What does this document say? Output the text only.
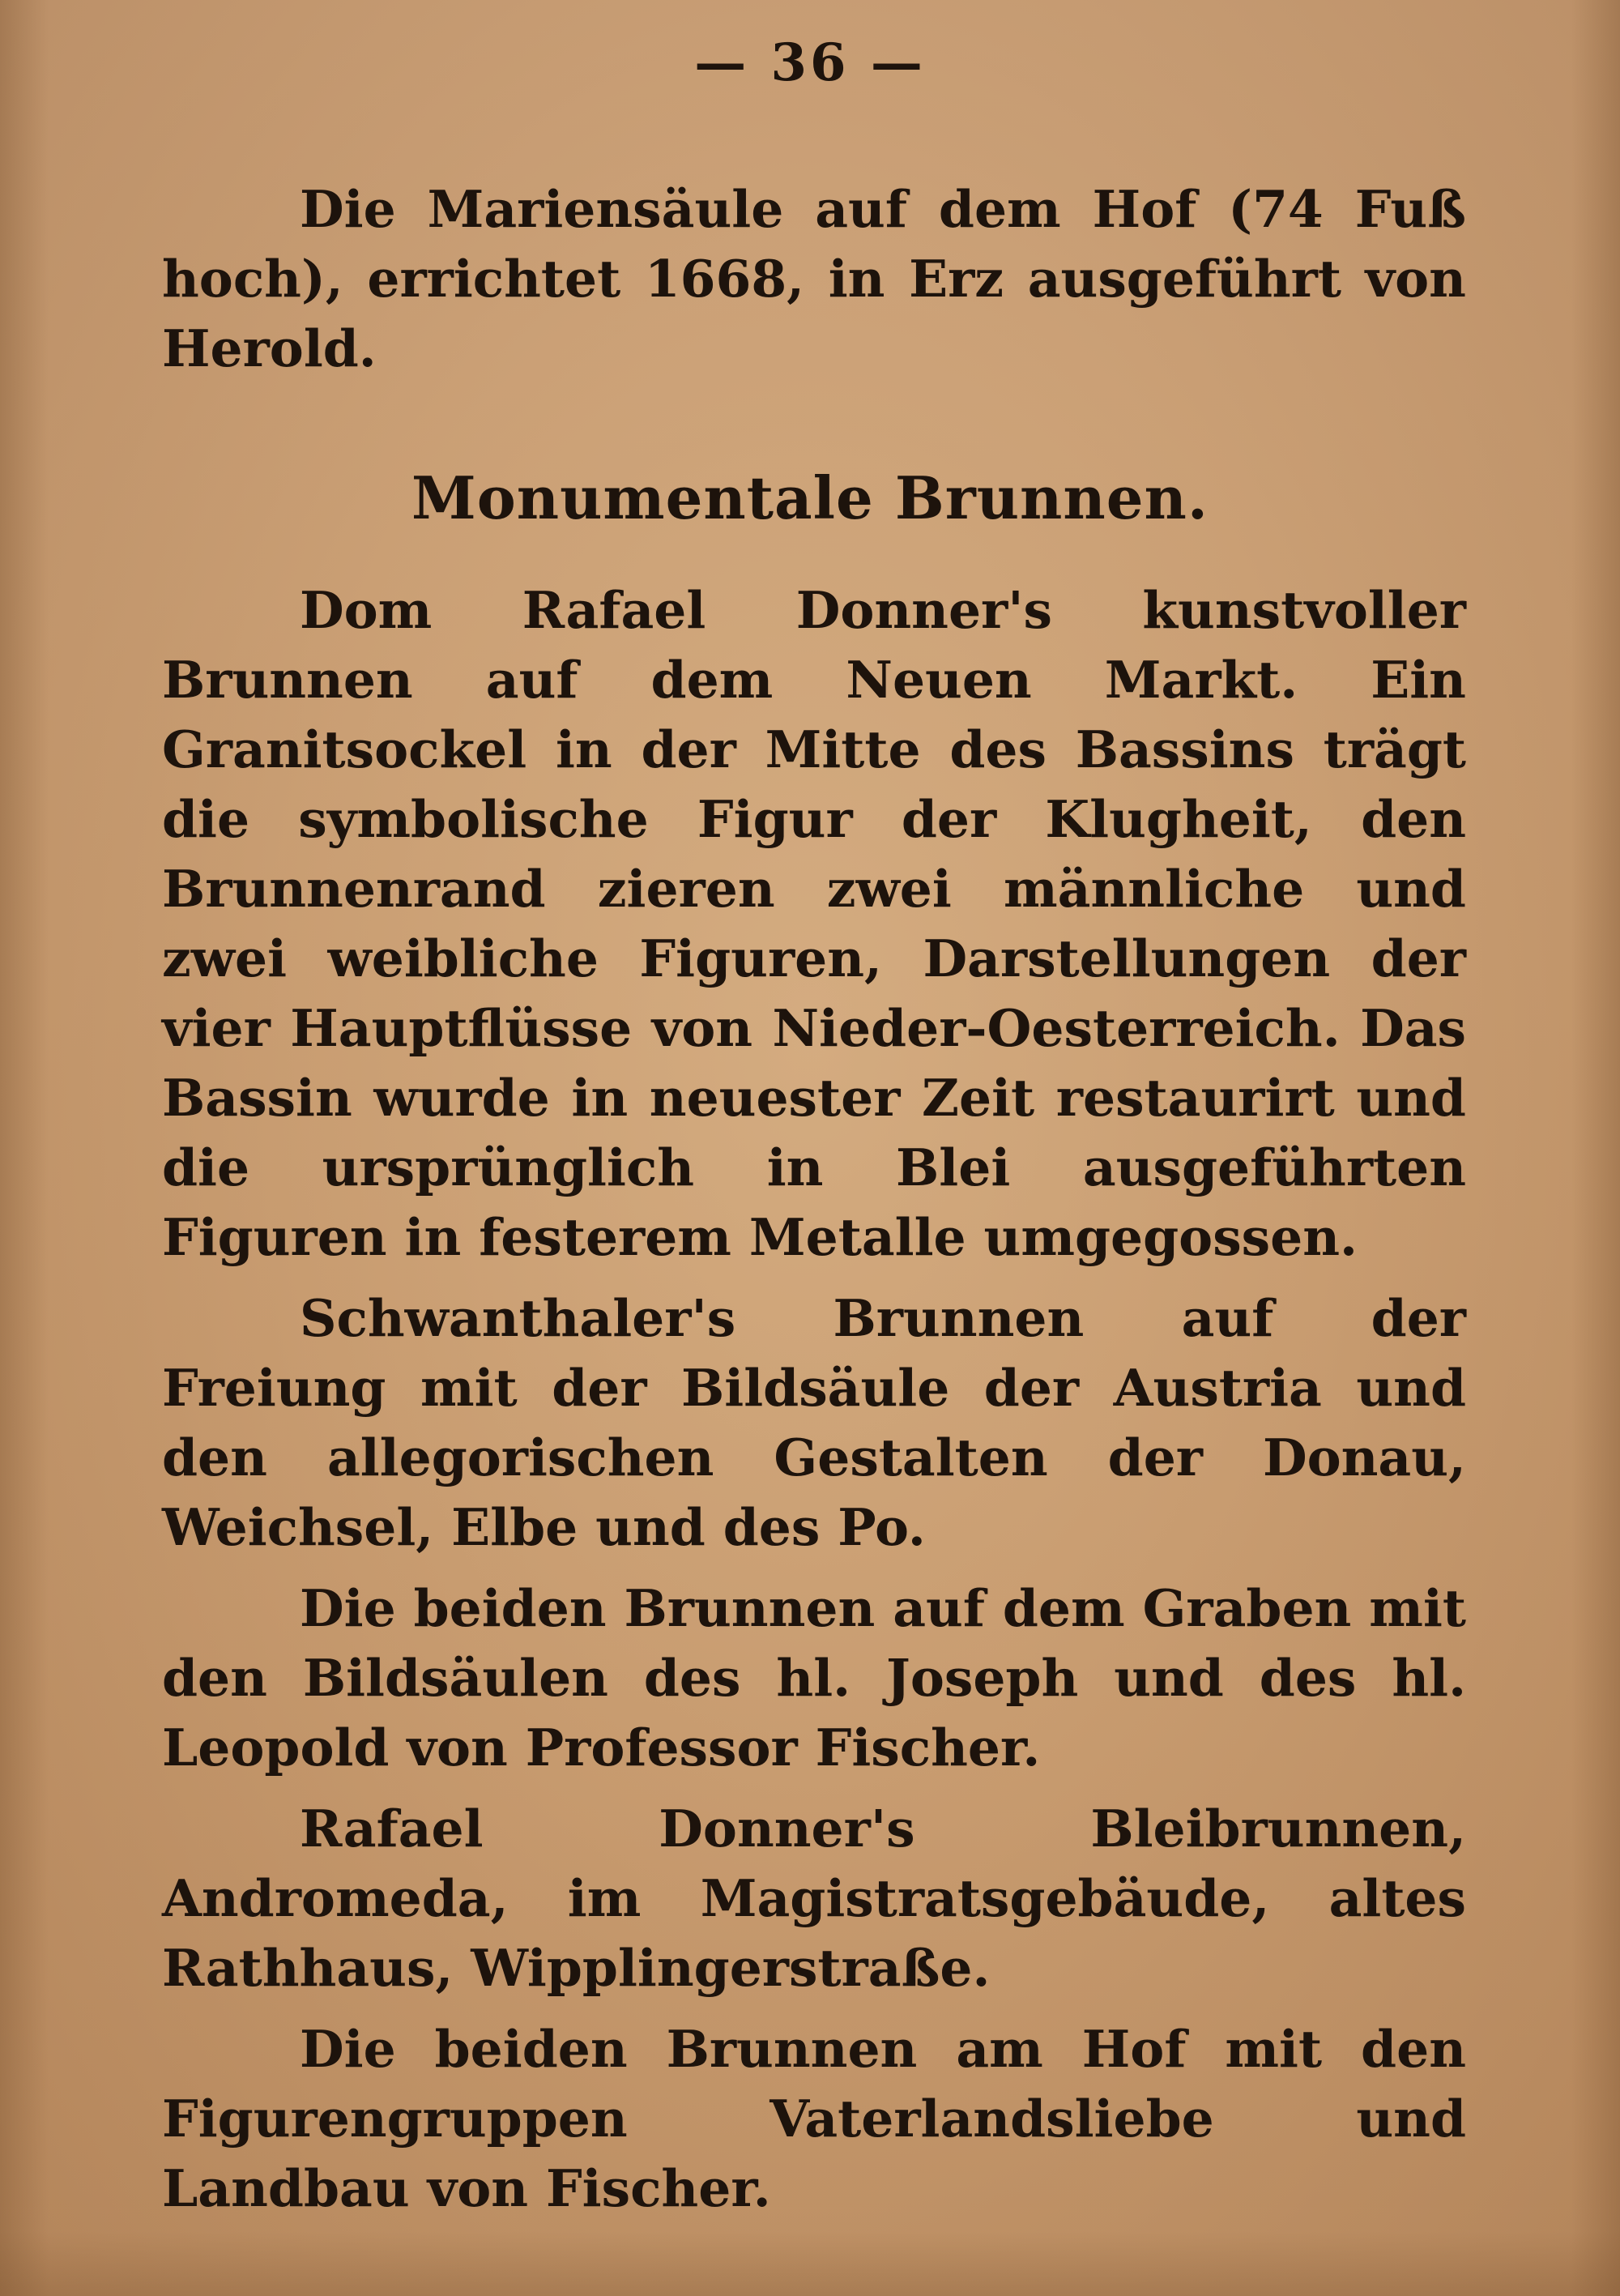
— 36 —

Die Mariensäule auf dem Hof (74 Fuß hoch), errichtet 1668, in Erz ausgeführt von Herold.

Monumentale Brunnen.

Dom Rafael Donner's kunstvoller Brunnen auf dem Neuen Markt. Ein Granitsockel in der Mitte des Bassins trägt die symbolische Figur der Klugheit, den Brunnenrand zieren zwei männliche und zwei weibliche Figuren, Darstellungen der vier Hauptflüsse von Nieder-Oesterreich. Das Bassin wurde in neuester Zeit restaurirt und die ursprünglich in Blei ausgeführten Figuren in festerem Metalle umgegossen.

Schwanthaler's Brunnen auf der Freiung mit der Bildsäule der Austria und den allegorischen Gestalten der Donau, Weichsel, Elbe und des Po.

Die beiden Brunnen auf dem Graben mit den Bildsäulen des hl. Joseph und des hl. Leopold von Professor Fischer.

Rafael Donner's Bleibrunnen, Andromeda, im Magistratsgebäude, altes Rathhaus, Wipplingerstraße.

Die beiden Brunnen am Hof mit den Figurengruppen Vaterlandsliebe und Landbau von Fischer.
